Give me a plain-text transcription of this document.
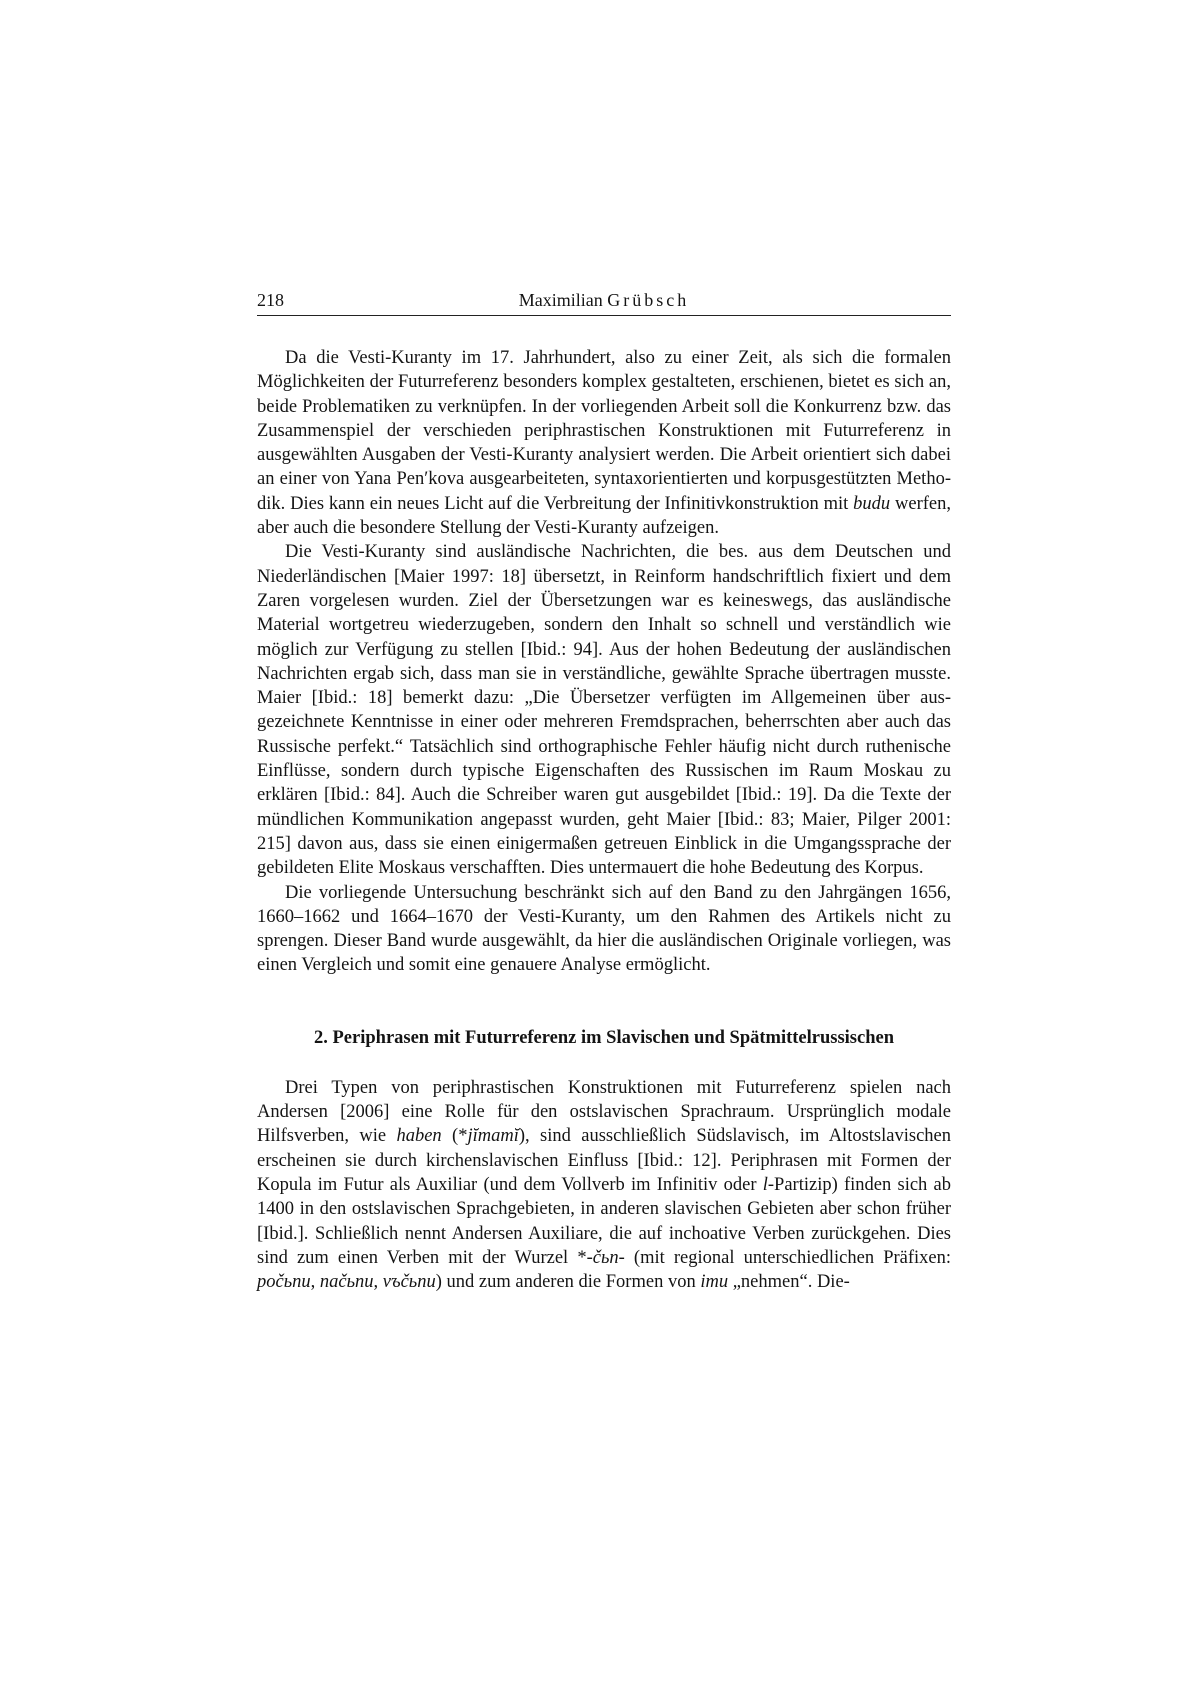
218	Maximilian Grübsch

Da die Vesti-Kuranty im 17. Jahrhundert, also zu einer Zeit, als sich die formalen Möglichkeiten der Futurreferenz besonders komplex gestalteten, erschienen, bietet es sich an, beide Problematiken zu verknüpfen. In der vorliegenden Arbeit soll die Konkurrenz bzw. das Zusammenspiel der verschieden periphrastischen Konstruktionen mit Futurreferenz in ausgewählten Ausgaben der Vesti-Kuranty analysiert werden. Die Arbeit orientiert sich dabei an einer von Yana Pen′kova ausgearbeiteten, syntaxorientierten und korpusgestützten Methodik. Dies kann ein neues Licht auf die Verbreitung der Infinitivkonstruktion mit budu werfen, aber auch die besondere Stellung der Vesti-Kuranty aufzeigen.

Die Vesti-Kuranty sind ausländische Nachrichten, die bes. aus dem Deutschen und Niederländischen [Maier 1997: 18] übersetzt, in Reinform handschriftlich fixiert und dem Zaren vorgelesen wurden. Ziel der Übersetzungen war es keineswegs, das ausländische Material wortgetreu wiederzugeben, sondern den Inhalt so schnell und verständlich wie möglich zur Verfügung zu stellen [Ibid.: 94]. Aus der hohen Bedeutung der ausländischen Nachrichten ergab sich, dass man sie in verständliche, gewählte Sprache übertragen musste. Maier [Ibid.: 18] bemerkt dazu: „Die Übersetzer verfügten im Allgemeinen über ausgezeichnete Kenntnisse in einer oder mehreren Fremdsprachen, beherrschten aber auch das Russische perfekt.“ Tatsächlich sind orthographische Fehler häufig nicht durch ruthenische Einflüsse, sondern durch typische Eigenschaften des Russischen im Raum Moskau zu erklären [Ibid.: 84]. Auch die Schreiber waren gut ausgebildet [Ibid.: 19]. Da die Texte der mündlichen Kommunikation angepasst wurden, geht Maier [Ibid.: 83; Maier, Pilger 2001: 215] davon aus, dass sie einen einigermaßen getreuen Einblick in die Umgangssprache der gebildeten Elite Moskaus verschafften. Dies untermauert die hohe Bedeutung des Korpus.

Die vorliegende Untersuchung beschränkt sich auf den Band zu den Jahrgängen 1656, 1660–1662 und 1664–1670 der Vesti-Kuranty, um den Rahmen des Artikels nicht zu sprengen. Dieser Band wurde ausgewählt, da hier die ausländischen Originale vorliegen, was einen Vergleich und somit eine genauere Analyse ermöglicht.

2. Periphrasen mit Futurreferenz im Slavischen und Spätmittelrussischen

Drei Typen von periphrastischen Konstruktionen mit Futurreferenz spielen nach Andersen [2006] eine Rolle für den ostslavischen Sprachraum. Ursprünglich modale Hilfsverben, wie haben (*jĭmamĭ), sind ausschließlich Südslavisch, im Altostslavischen erscheinen sie durch kirchenslavischen Einfluss [Ibid.: 12]. Periphrasen mit Formen der Kopula im Futur als Auxiliar (und dem Vollverb im Infinitiv oder l-Partizip) finden sich ab 1400 in den ostslavischen Sprachgebieten, in anderen slavischen Gebieten aber schon früher [Ibid.]. Schließlich nennt Andersen Auxiliare, die auf inchoative Verben zurückgehen. Dies sind zum einen Verben mit der Wurzel *-čьn- (mit regional unterschiedlichen Präfixen: počьnu, načьnu, vъčьnu) und zum anderen die Formen von imu „nehmen“. Die-
